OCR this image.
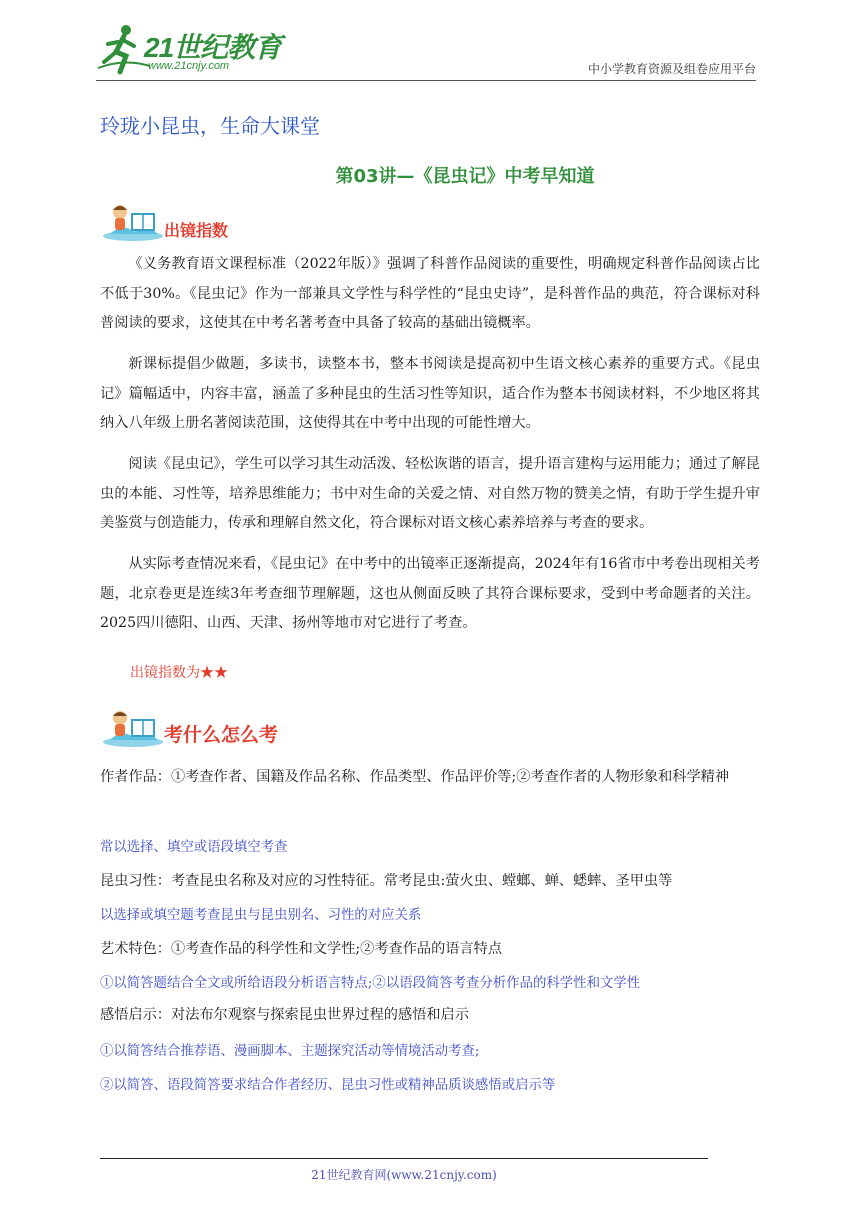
21世纪教育
www.21cnjy.com	中小学教育资源及组卷应用平台
玲珑小昆虫，生命大课堂
第03讲—《昆虫记》中考早知道
出镜指数

《义务教育语文课程标准（2022年版）》强调了科普作品阅读的重要性，明确规定科普作品阅读占比不低于30%。《昆虫记》作为一部兼具文学性与科学性的“昆虫史诗”，是科普作品的典范，符合课标对科普阅读的要求，这使其在中考名著考查中具备了较高的基础出镜概率。

新课标提倡少做题，多读书，读整本书，整本书阅读是提高初中生语文核心素养的重要方式。《昆虫记》篇幅适中，内容丰富，涵盖了多种昆虫的生活习性等知识，适合作为整本书阅读材料，不少地区将其纳入八年级上册名著阅读范围，这使得其在中考中出现的可能性增大。

阅读《昆虫记》，学生可以学习其生动活泼、轻松诙谐的语言，提升语言建构与运用能力；通过了解昆虫的本能、习性等，培养思维能力；书中对生命的关爱之情、对自然万物的赞美之情，有助于学生提升审美鉴赏与创造能力，传承和理解自然文化，符合课标对语文核心素养培养与考查的要求。

从实际考查情况来看，《昆虫记》在中考中的出镜率正逐渐提高，2024年有16省市中考卷出现相关考题，北京卷更是连续3年考查细节理解题，这也从侧面反映了其符合课标要求，受到中考命题者的关注。2025四川德阳、山西、天津、扬州等地市对它进行了考查。

出镜指数为★★
考什么怎么考
作者作品：①考查作者、国籍及作品名称、作品类型、作品评价等;②考查作者的人物形象和科学精神
常以选择、填空或语段填空考查
昆虫习性：考查昆虫名称及对应的习性特征。常考昆虫:萤火虫、螳螂、蝉、蟋蟀、圣甲虫等
以选择或填空题考查昆虫与昆虫别名、习性的对应关系
艺术特色：①考查作品的科学性和文学性;②考查作品的语言特点
①以简答题结合全文或所给语段分析语言特点;②以语段简答考查分析作品的科学性和文学性
感悟启示：对法布尔观察与探索昆虫世界过程的感悟和启示
①以简答结合推荐语、漫画脚本、主题探究活动等情境活动考查;
②以简答、语段简答要求结合作者经历、昆虫习性或精神品质谈感悟或启示等
21世纪教育网(www.21cnjy.com)
